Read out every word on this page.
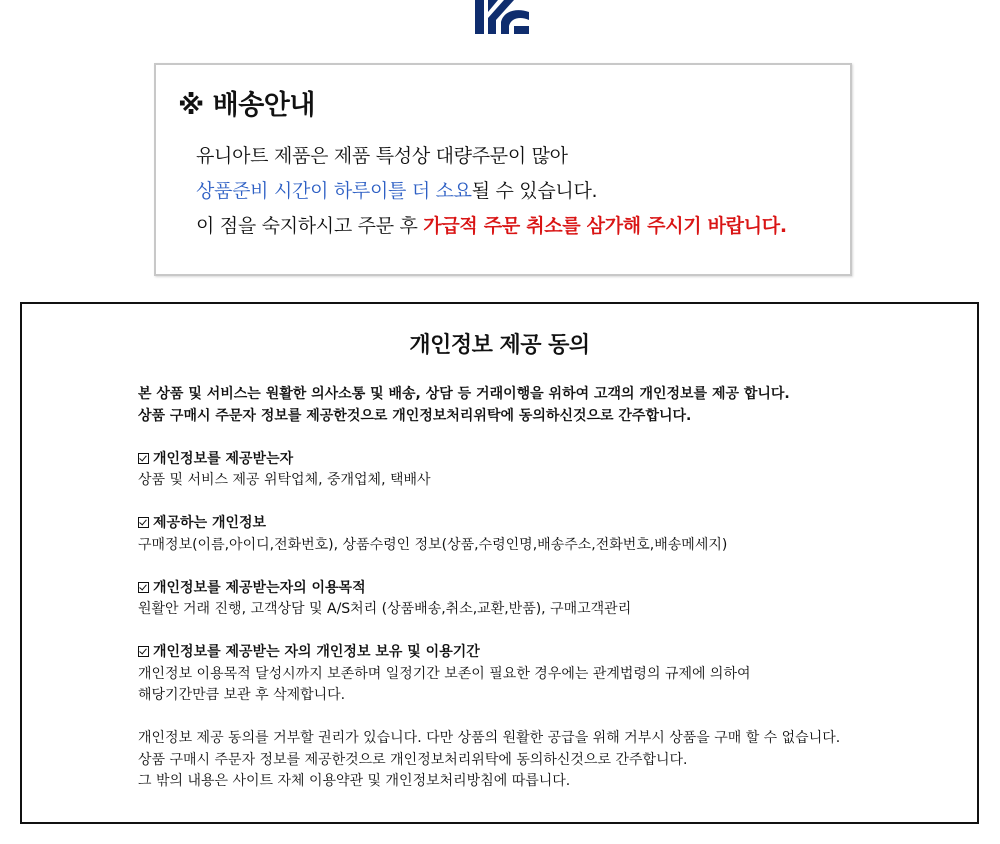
※ 배송안내
유니아트 제품은 제품 특성상 대량주문이 많아
상품준비 시간이 하루이틀 더 소요될 수 있습니다.
이 점을 숙지하시고 주문 후 가급적 주문 취소를 삼가해 주시기 바랍니다.
개인정보 제공 동의

본 상품 및 서비스는 원활한 의사소통 및 배송, 상담 등 거래이행을 위하여 고객의 개인정보를 제공 합니다.

상품 구매시 주문자 정보를 제공한것으로 개인정보처리위탁에 동의하신것으로 간주합니다.

개인정보를 제공받는자

상품 및 서비스 제공 위탁업체, 중개업체, 택배사

제공하는 개인정보

구매정보(이름,아이디,전화번호), 상품수령인 정보(상품,수령인명,배송주소,전화번호,배송메세지)

개인정보를 제공받는자의 이용목적

원활안 거래 진행, 고객상담 및 A/S처리 (상품배송,취소,교환,반품), 구매고객관리

개인정보를 제공받는 자의 개인정보 보유 및 이용기간

개인정보 이용목적 달성시까지 보존하며 일정기간 보존이 필요한 경우에는 관계법령의 규제에 의하여

해당기간만큼 보관 후 삭제합니다.

개인정보 제공 동의를 거부할 권리가 있습니다. 다만 상품의 원활한 공급을 위해 거부시 상품을 구매 할 수 없습니다.

상품 구매시 주문자 정보를 제공한것으로 개인정보처리위탁에 동의하신것으로 간주합니다.

그 밖의 내용은 사이트 자체 이용약관 및 개인정보처리방침에 따릅니다.
